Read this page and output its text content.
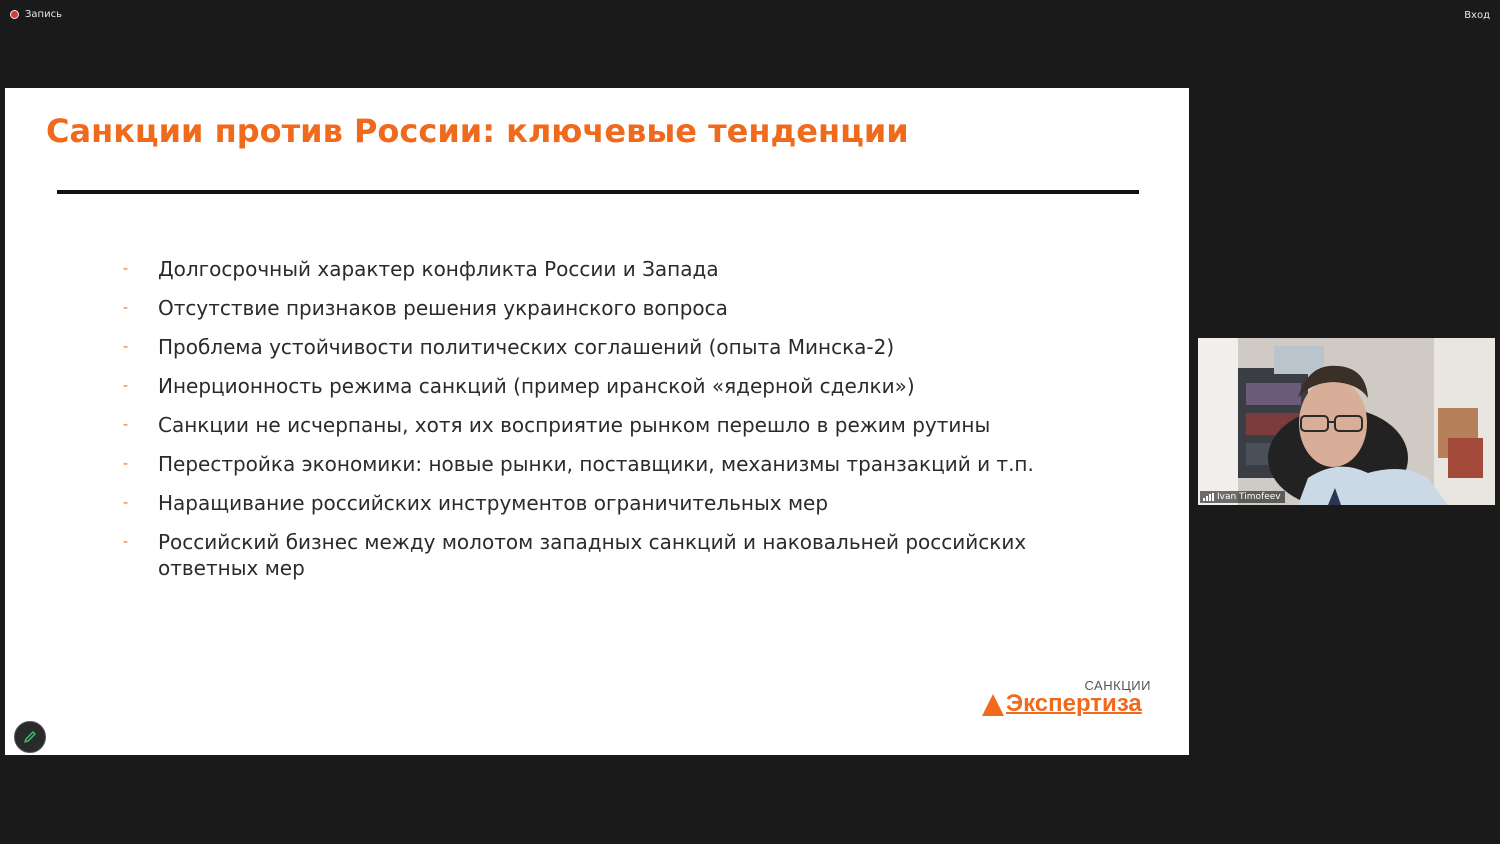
Запись	Вход
Санкции против России: ключевые тенденции
- Долгосрочный характер конфликта России и Запада
- Отсутствие признаков решения украинского вопроса
- Проблема устойчивости политических соглашений (опыта Минска-2)
- Инерционность режима санкций (пример иранской «ядерной сделки»)
- Санкции не исчерпаны, хотя их восприятие рынком перешло в режим рутины
- Перестройка экономики: новые рынки, поставщики, механизмы транзакций и т.п.
- Наращивание российских инструментов ограничительных мер
- Российский бизнес между молотом западных санкций и наковальней российских ответных мер
САНКЦИИ
Экспертиза
Ivan Timofeev
